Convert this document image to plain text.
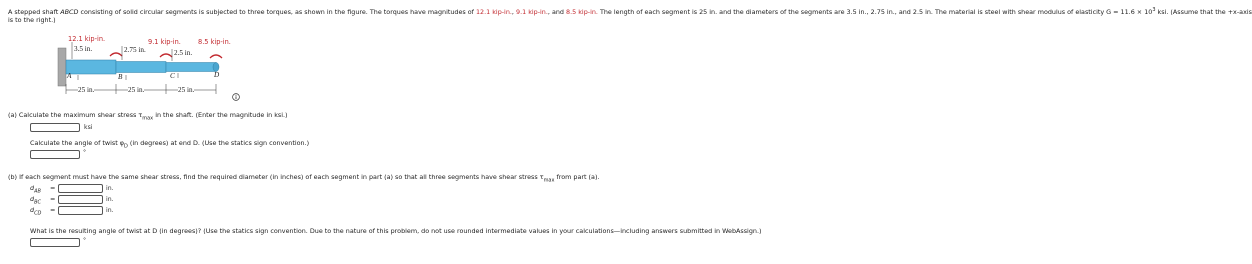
A stepped shaft ABCD consisting of solid circular segments is subjected to three torques, as shown in the figure. The torques have magnitudes of 12.1 kip-in., 9.1 kip-in., and 8.5 kip-in. The length of each segment is 25 in. and the diameters of the segments are 3.5 in., 2.75 in., and 2.5 in. The material is steel with shear modulus of elasticity $G = 11.6 \times 10^3$ ksi. (Assume that the +x-axis
is to the right.)
12.1 kip-in.	9.1 kip-in.	8.5 kip-in.
3.5 in.	2.75 in.	2.5 in.
A	B	C	D
25 in.	25 in.	25 in.
(a) Calculate the maximum shear stress $\tau_{max}$ in the shaft. (Enter the magnitude in ksi.)
ksi
Calculate the angle of twist $\varphi_D$ (in degrees) at end D. (Use the statics sign convention.)
°
(b) If each segment must have the same shear stress, find the required diameter (in inches) of each segment in part (a) so that all three segments have shear stress $\tau_{max}$ from part (a).
$d_{AB}$ =	in.
$d_{BC}$ =	in.
$d_{CD}$ =	in.
What is the resulting angle of twist at D (in degrees)? (Use the statics sign convention. Due to the nature of this problem, do not use rounded intermediate values in your calculations—including answers submitted in WebAssign.)
°
